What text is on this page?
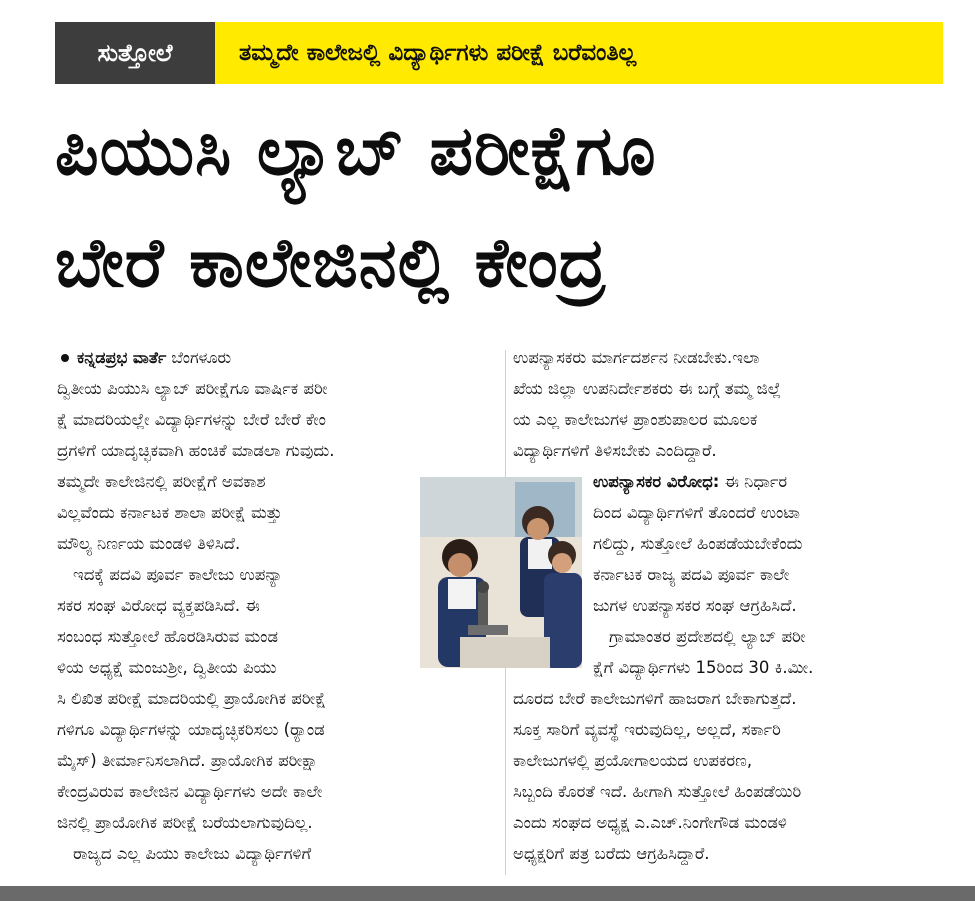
ಸುತ್ತೋಲೆ	ತಮ್ಮದೇ ಕಾಲೇಜಲ್ಲಿ ವಿದ್ಯಾರ್ಥಿಗಳು ಪರೀಕ್ಷೆ ಬರೆವಂತಿಲ್ಲ
ಪಿಯುಸಿ ಲ್ಯಾಬ್ ಪರೀಕ್ಷೆಗೂ
ಬೇರೆ ಕಾಲೇಜಿನಲ್ಲಿ ಕೇಂದ್ರ
ಕನ್ನಡಪ್ರಭ ವಾರ್ತೆ ಬೆಂಗಳೂರು
ದ್ವಿತೀಯ ಪಿಯುಸಿ ಲ್ಯಾಬ್ ಪರೀಕ್ಷೆಗೂ ವಾರ್ಷಿಕ ಪರೀ
ಕ್ಷೆ ಮಾದರಿಯಲ್ಲೇ ವಿದ್ಯಾರ್ಥಿಗಳನ್ನು ಬೇರೆ ಬೇರೆ ಕೇಂ
ದ್ರಗಳಿಗೆ ಯಾದೃಚ್ಛಿಕವಾಗಿ ಹಂಚಿಕೆ ಮಾಡಲಾ ಗುವುದು.
ತಮ್ಮದೇ ಕಾಲೇಜಿನಲ್ಲಿ ಪರೀಕ್ಷೆಗೆ ಅವಕಾಶ
ವಿಲ್ಲವೆಂದು ಕರ್ನಾಟಕ ಶಾಲಾ ಪರೀಕ್ಷೆ ಮತ್ತು
ಮೌಲ್ಯ ನಿರ್ಣಯ ಮಂಡಳಿ ತಿಳಿಸಿದೆ.
ಇದಕ್ಕೆ ಪದವಿ ಪೂರ್ವ ಕಾಲೇಜು ಉಪನ್ಯಾ
ಸಕರ ಸಂಘ ವಿರೋಧ ವ್ಯಕ್ತಪಡಿಸಿದೆ. ಈ
ಸಂಬಂಧ ಸುತ್ತೋಲೆ ಹೊರಡಿಸಿರುವ ಮಂಡ
ಳಿಯ ಅಧ್ಯಕ್ಷೆ ಮಂಜುಶ್ರೀ, ದ್ವಿತೀಯ ಪಿಯು
ಸಿ ಲಿಖಿತ ಪರೀಕ್ಷೆ ಮಾದರಿಯಲ್ಲಿ ಪ್ರಾಯೋಗಿಕ ಪರೀಕ್ಷೆ
ಗಳಿಗೂ ವಿದ್ಯಾರ್ಥಿಗಳನ್ನು ಯಾದೃಚ್ಛಿಕರಿಸಲು (ರ್‍ಯಾಂಡ
ಮೈಸ್) ತೀರ್ಮಾನಿಸಲಾಗಿದೆ. ಪ್ರಾಯೋಗಿಕ ಪರೀಕ್ಷಾ
ಕೇಂದ್ರವಿರುವ ಕಾಲೇಜಿನ ವಿದ್ಯಾರ್ಥಿಗಳು ಅದೇ ಕಾಲೇ
ಜಿನಲ್ಲಿ ಪ್ರಾಯೋಗಿಕ ಪರೀಕ್ಷೆ ಬರೆಯಲಾಗುವುದಿಲ್ಲ.
ರಾಜ್ಯದ ಎಲ್ಲ ಪಿಯು ಕಾಲೇಜು ವಿದ್ಯಾರ್ಥಿಗಳಿಗೆ
ಉಪನ್ಯಾಸಕರು ಮಾರ್ಗದರ್ಶನ ನೀಡಬೇಕು.ಇಲಾ
ಖೆಯ ಜಿಲ್ಲಾ ಉಪನಿರ್ದೇಶಕರು ಈ ಬಗ್ಗೆ ತಮ್ಮ ಜಿಲ್ಲೆ
ಯ ಎಲ್ಲ ಕಾಲೇಜುಗಳ ಪ್ರಾಂಶುಪಾಲರ ಮೂಲಕ
ವಿದ್ಯಾರ್ಥಿಗಳಿಗೆ ತಿಳಿಸಬೇಕು ಎಂದಿದ್ದಾರೆ.
ಉಪನ್ಯಾಸಕರ ವಿರೋಧ: ಈ ನಿರ್ಧಾರ
ದಿಂದ ವಿದ್ಯಾರ್ಥಿಗಳಿಗೆ ತೊಂದರೆ ಉಂಟಾ
ಗಲಿದ್ದು, ಸುತ್ತೋಲೆ ಹಿಂಪಡೆಯಬೇಕೆಂದು
ಕರ್ನಾಟಕ ರಾಜ್ಯ ಪದವಿ ಪೂರ್ವ ಕಾಲೇ
ಜುಗಳ ಉಪನ್ಯಾಸಕರ ಸಂಘ ಆಗ್ರಹಿಸಿದೆ.
ಗ್ರಾಮಾಂತರ ಪ್ರದೇಶದಲ್ಲಿ ಲ್ಯಾಬ್ ಪರೀ
ಕ್ಷೆಗೆ ವಿದ್ಯಾರ್ಥಿಗಳು 15ರಿಂದ 30 ಕಿ.ಮೀ.
ದೂರದ ಬೇರೆ ಕಾಲೇಜುಗಳಿಗೆ ಹಾಜರಾಗ ಬೇಕಾಗುತ್ತದೆ.
ಸೂಕ್ತ ಸಾರಿಗೆ ವ್ಯವಸ್ಥೆ ಇರುವುದಿಲ್ಲ, ಅಲ್ಲದೆ, ಸರ್ಕಾರಿ
ಕಾಲೇಜುಗಳಲ್ಲಿ ಪ್ರಯೋಗಾಲಯದ ಉಪಕರಣ,
ಸಿಬ್ಬಂದಿ ಕೊರತೆ ಇದೆ. ಹೀಗಾಗಿ ಸುತ್ತೋಲೆ ಹಿಂಪಡೆಯಿರಿ
ಎಂದು ಸಂಘದ ಅಧ್ಯಕ್ಷ ಎ.ಎಚ್.ನಿಂಗೇಗೌಡ ಮಂಡಳಿ
ಅಧ್ಯಕ್ಷರಿಗೆ ಪತ್ರ ಬರೆದು ಆಗ್ರಹಿಸಿದ್ದಾರೆ.
